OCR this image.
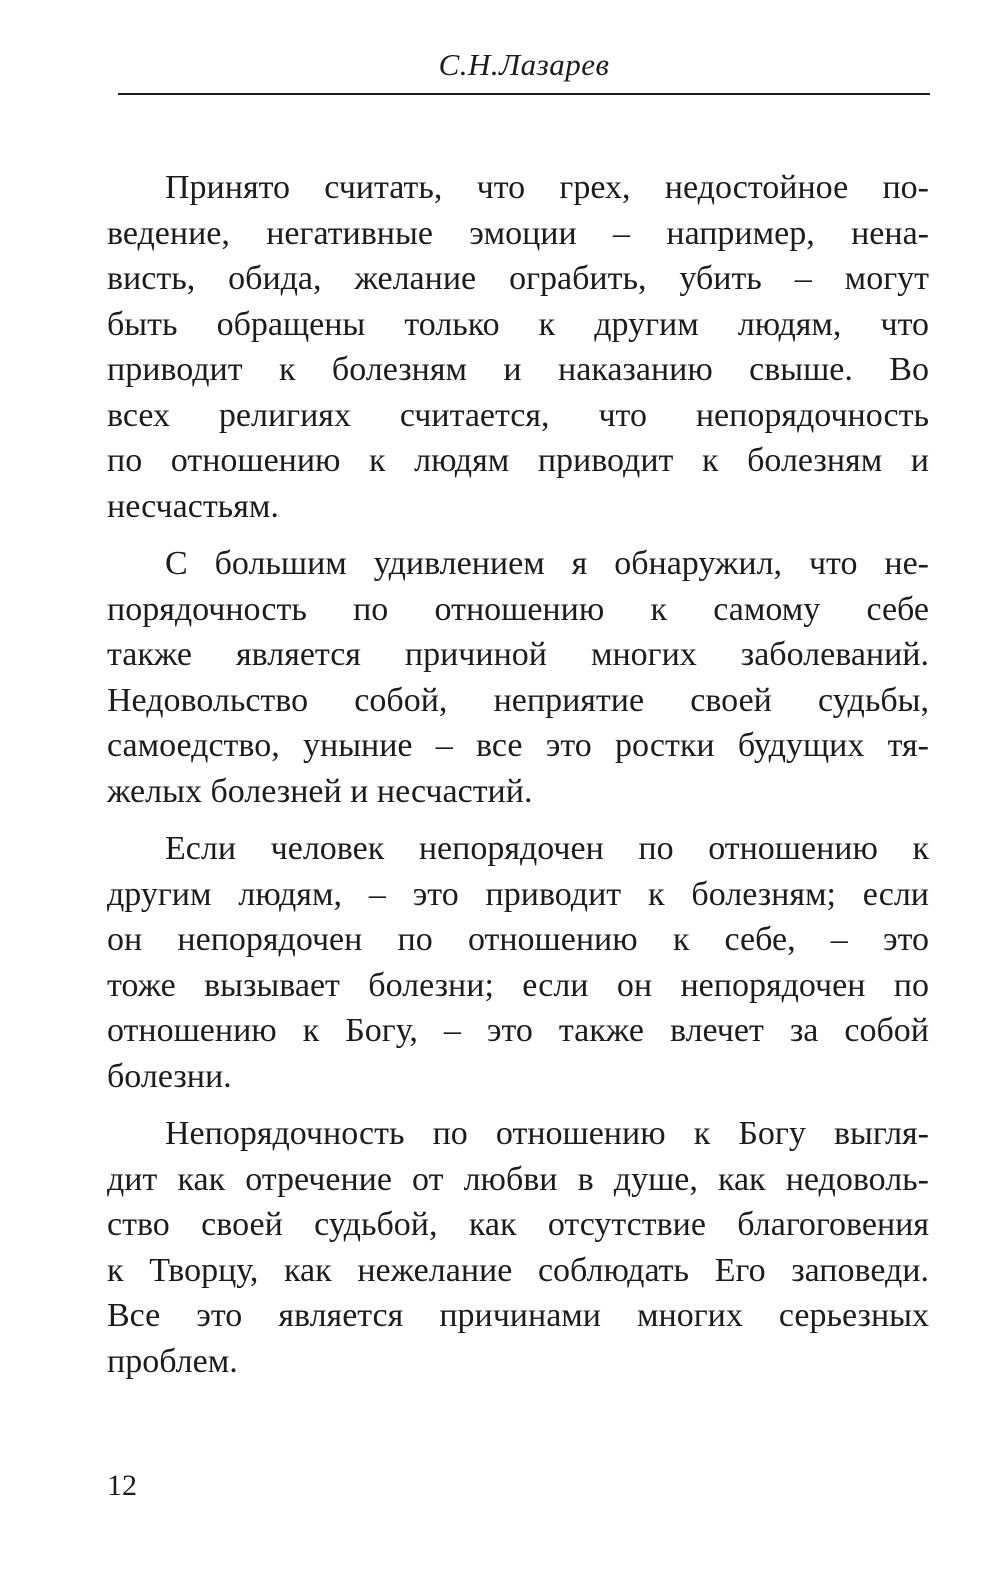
С.Н.Лазарев
Принято считать, что грех, недостойное по-
ведение, негативные эмоции – например, нена-
висть, обида, желание ограбить, убить – могут
быть обращены только к другим людям, что
приводит к болезням и наказанию свыше. Во
всех религиях считается, что непорядочность
по отношению к людям приводит к болезням и
несчастьям.
С большим удивлением я обнаружил, что не-
порядочность по отношению к самому себе
также является причиной многих заболеваний.
Недовольство собой, неприятие своей судьбы,
самоедство, уныние – все это ростки будущих тя-
желых болезней и несчастий.
Если человек непорядочен по отношению к
другим людям, – это приводит к болезням; если
он непорядочен по отношению к себе, – это
тоже вызывает болезни; если он непорядочен по
отношению к Богу, – это также влечет за собой
болезни.
Непорядочность по отношению к Богу выгля-
дит как отречение от любви в душе, как недоволь-
ство своей судьбой, как отсутствие благоговения
к Творцу, как нежелание соблюдать Его заповеди.
Все это является причинами многих серьезных
проблем.
12
